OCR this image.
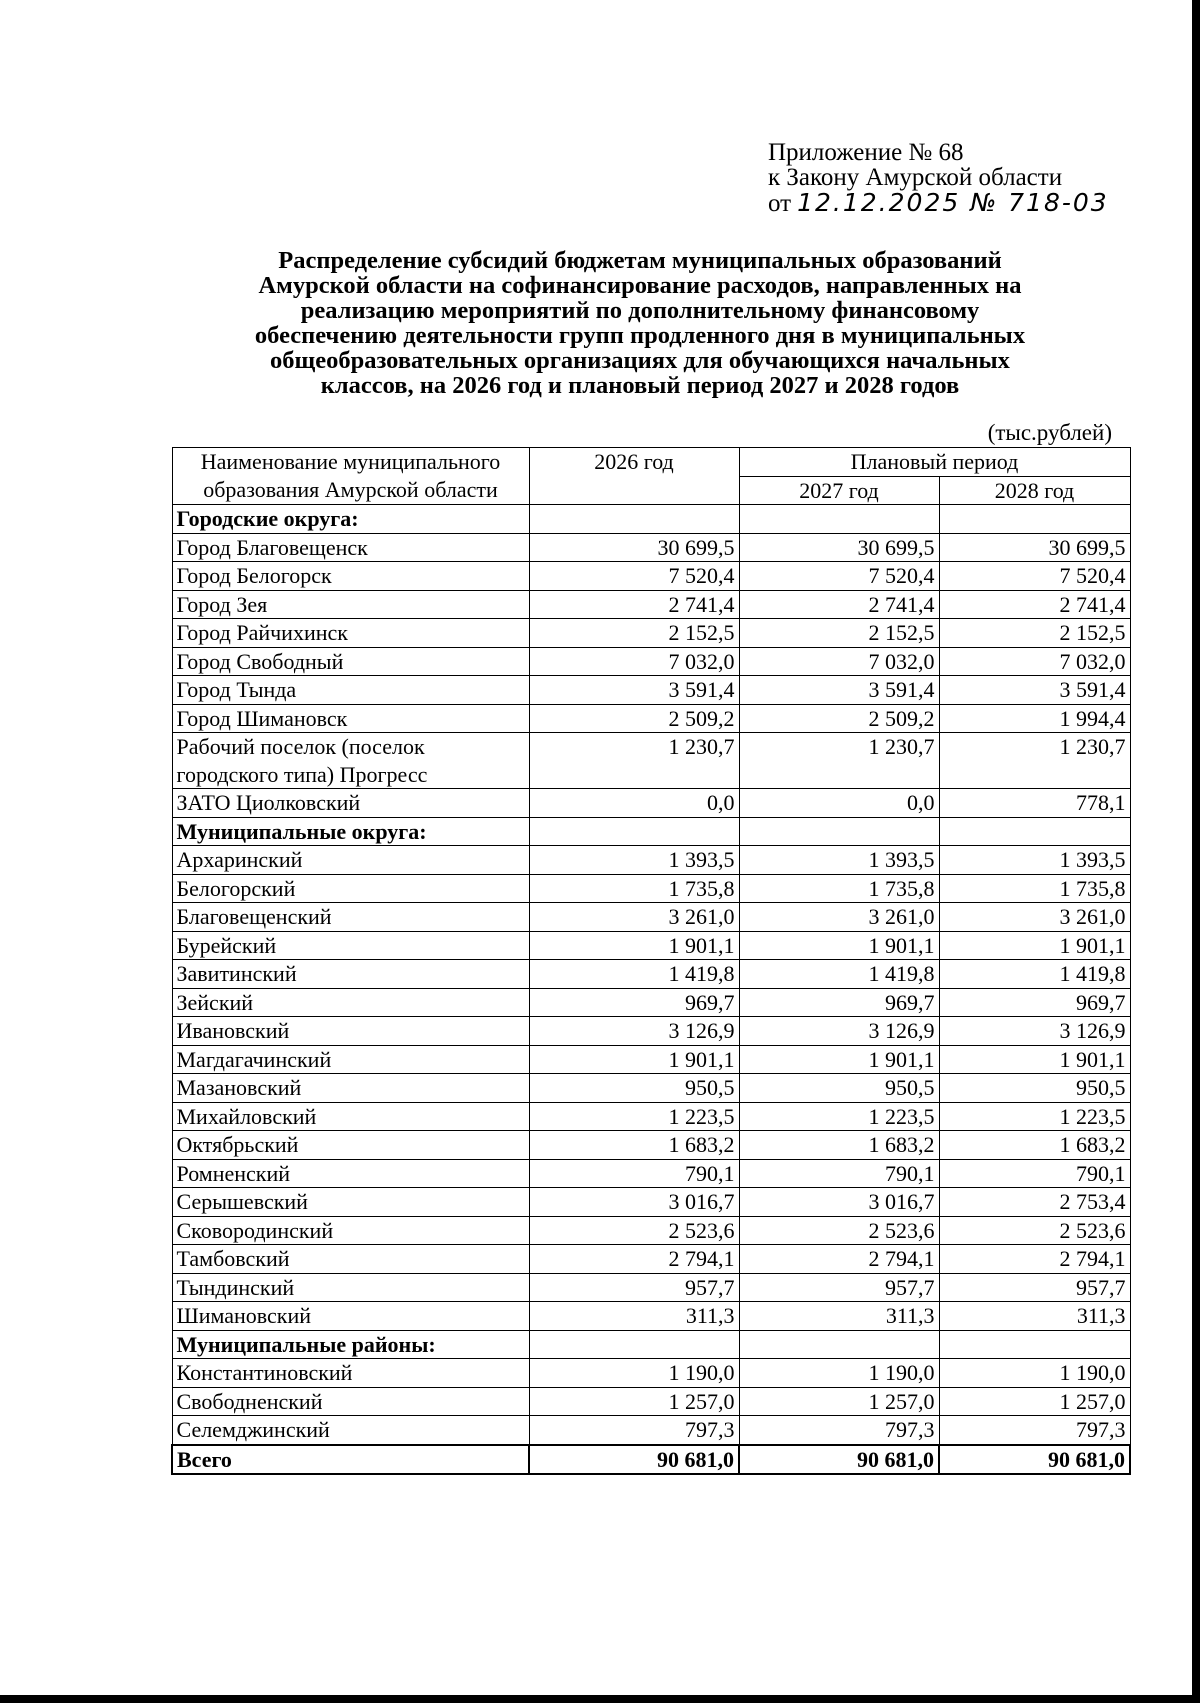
Приложение № 68
к Закону Амурской области
от 12.12.2025 № 718-03
Распределение субсидий бюджетам муниципальных образований
Амурской области на софинансирование расходов, направленных на
реализацию мероприятий по дополнительному финансовому
обеспечению деятельности групп продленного дня в муниципальных
общеобразовательных организациях для обучающихся начальных
классов, на 2026 год и плановый период 2027 и 2028 годов
(тыс.рублей)
Наименование муниципального
образования Амурской области	2026 год	Плановый период	
		2027 год	2028 год
Городские округа:			
Город Благовещенск	30 699,5	30 699,5	30 699,5
Город Белогорск	7 520,4	7 520,4	7 520,4
Город Зея	2 741,4	2 741,4	2 741,4
Город Райчихинск	2 152,5	2 152,5	2 152,5
Город Свободный	7 032,0	7 032,0	7 032,0
Город Тында	3 591,4	3 591,4	3 591,4
Город Шимановск	2 509,2	2 509,2	1 994,4

Рабочий поселок (поселок
городского типа) Прогресс	1 230,7	1 230,7	1 230,7
ЗАТО Циолковский	0,0	0,0	778,1
Муниципальные округа:			
Архаринский	1 393,5	1 393,5	1 393,5
Белогорский	1 735,8	1 735,8	1 735,8
Благовещенский	3 261,0	3 261,0	3 261,0
Бурейский	1 901,1	1 901,1	1 901,1
Завитинский	1 419,8	1 419,8	1 419,8
Зейский	969,7	969,7	969,7
Ивановский	3 126,9	3 126,9	3 126,9
Магдагачинский	1 901,1	1 901,1	1 901,1
Мазановский	950,5	950,5	950,5
Михайловский	1 223,5	1 223,5	1 223,5
Октябрьский	1 683,2	1 683,2	1 683,2
Ромненский	790,1	790,1	790,1
Серышевский	3 016,7	3 016,7	2 753,4
Сковородинский	2 523,6	2 523,6	2 523,6
Тамбовский	2 794,1	2 794,1	2 794,1
Тындинский	957,7	957,7	957,7
Шимановский	311,3	311,3	311,3
Муниципальные районы:			
Константиновский	1 190,0	1 190,0	1 190,0
Свободненский	1 257,0	1 257,0	1 257,0
Селемджинский	797,3	797,3	797,3
Всего	90 681,0	90 681,0	90 681,0
